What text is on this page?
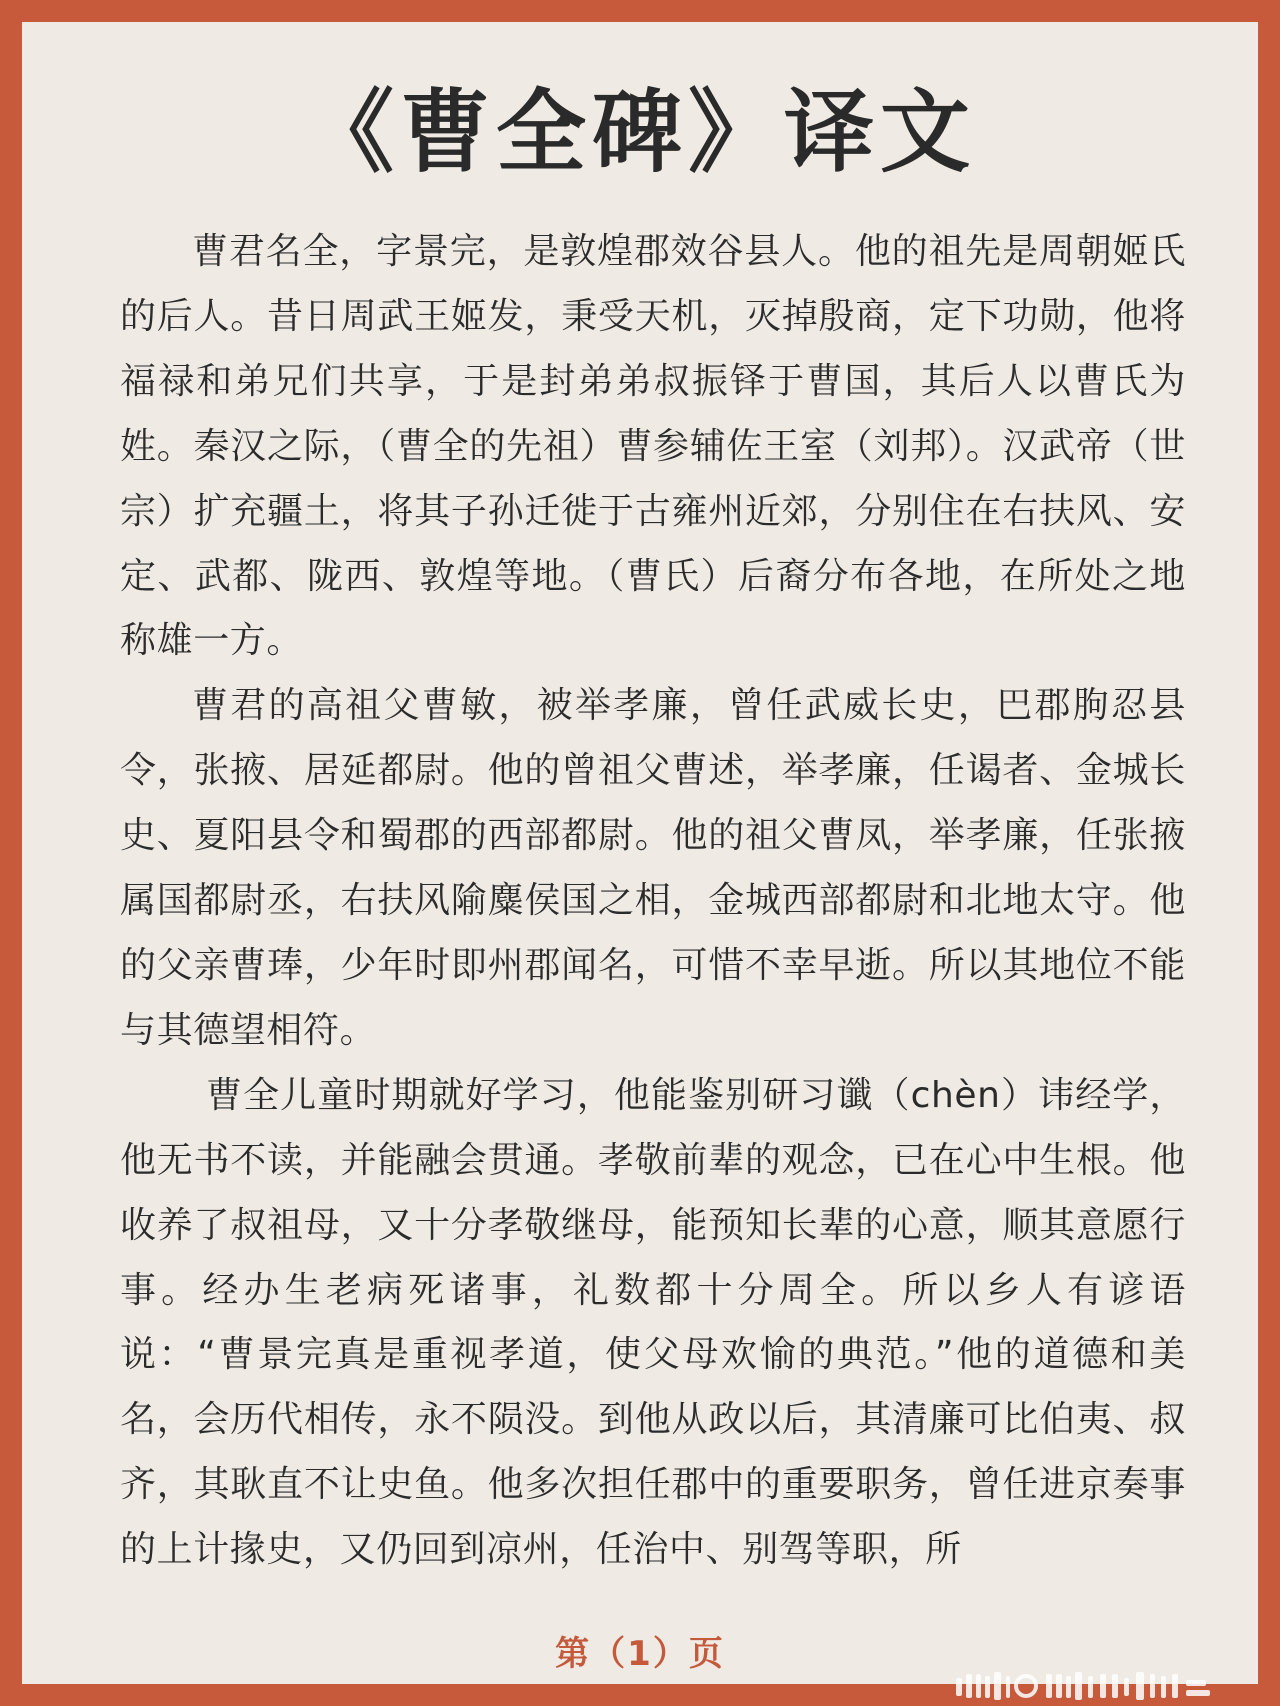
《曹全碑》译文

曹君名全，字景完，是敦煌郡效谷县人。他的祖先是周朝姬氏的后人。昔日周武王姬发，秉受天机，灭掉殷商，定下功勋，他将福禄和弟兄们共享，于是封弟弟叔振铎于曹国，其后人以曹氏为姓。秦汉之际，（曹全的先祖）曹参辅佐王室（刘邦）。汉武帝（世宗）扩充疆土，将其子孙迁徙于古雍州近郊，分别住在右扶风、安定、武都、陇西、敦煌等地。（曹氏）后裔分布各地，在所处之地称雄一方。

曹君的高祖父曹敏，被举孝廉，曾任武威长史，巴郡朐忍县令，张掖、居延都尉。他的曾祖父曹述，举孝廉，任谒者、金城长史、夏阳县令和蜀郡的西部都尉。他的祖父曹凤，举孝廉，任张掖属国都尉丞，右扶风隃麋侯国之相，金城西部都尉和北地太守。他的父亲曹琫，少年时即州郡闻名，可惜不幸早逝。所以其地位不能与其德望相符。

曹全儿童时期就好学习，他能鉴别研习谶（chèn）讳经学，他无书不读，并能融会贯通。孝敬前辈的观念，已在心中生根。他收养了叔祖母，又十分孝敬继母，能预知长辈的心意，顺其意愿行事。经办生老病死诸事，礼数都十分周全。所以乡人有谚语说：“曹景完真是重视孝道，使父母欢愉的典范。”他的道德和美名，会历代相传，永不陨没。到他从政以后，其清廉可比伯夷、叔齐，其耿直不让史鱼。他多次担任郡中的重要职务，曾任进京奏事的上计掾史，又仍回到凉州，任治中、别驾等职，所

第（1）页
